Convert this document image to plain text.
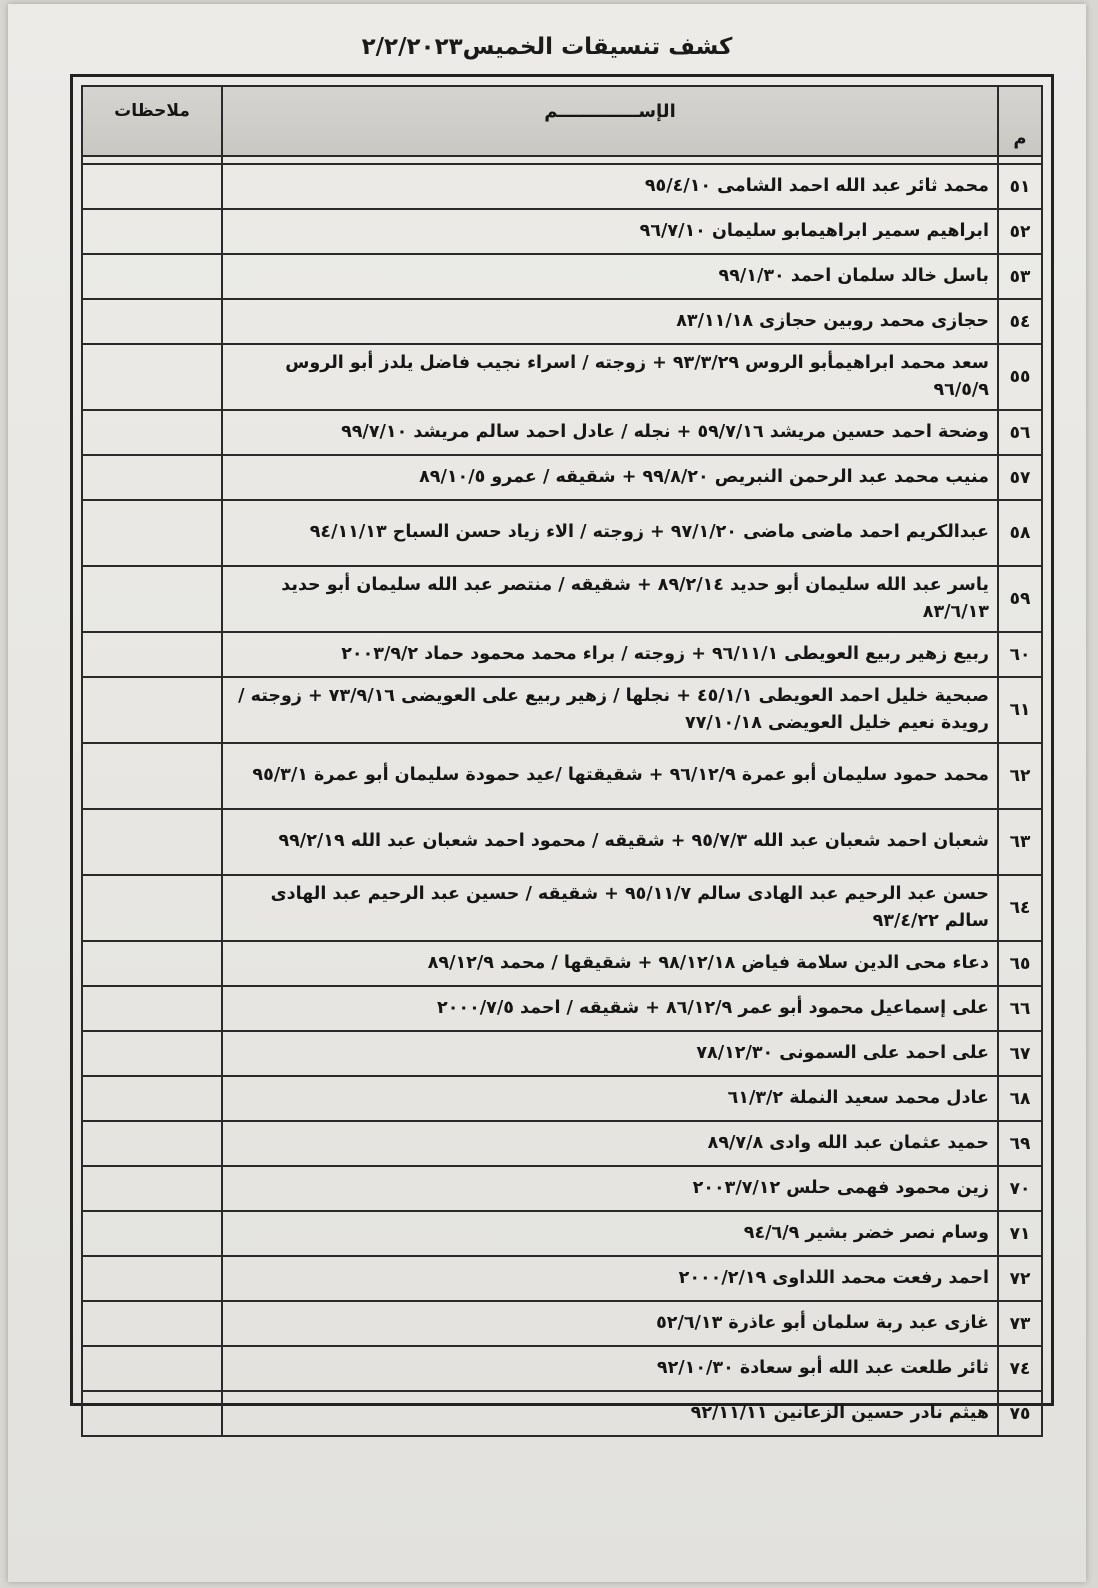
كشف تنسيقات الخميس٢/٢/٢٠٢٣
م	الإســـــــــــــم	ملاحظات

٥١	محمد ثائر عبد الله احمد الشامى ٩٥/٤/١٠	
٥٢	ابراهيم سمير ابراهيمابو سليمان ٩٦/٧/١٠	
٥٣	باسل خالد سلمان احمد ٩٩/١/٣٠	
٥٤	حجازى محمد روبين حجازى ٨٣/١١/١٨	
٥٥	سعد محمد ابراهيمأبو الروس ٩٣/٣/٢٩ + زوجته / اسراء نجيب فاضل يلدز أبو الروس ٩٦/٥/٩	
٥٦	وضحة احمد حسين مريشد ٥٩/٧/١٦ + نجله / عادل احمد سالم مريشد ٩٩/٧/١٠	
٥٧	منيب محمد عبد الرحمن النبريص ٩٩/٨/٢٠ + شقيقه / عمرو ٨٩/١٠/٥	
٥٨	عبدالكريم احمد ماضى ماضى ٩٧/١/٢٠ + زوجته / الاء زياد حسن السباح ٩٤/١١/١٣	
٥٩	ياسر عبد الله سليمان أبو حديد ٨٩/٢/١٤ + شقيقه / منتصر عبد الله سليمان أبو حديد ٨٣/٦/١٣	
٦٠	ربيع زهير ربيع العويطى ٩٦/١١/١ + زوجته / براء محمد محمود حماد ٢٠٠٣/٩/٢	
٦١	صبحية خليل احمد العويطى ٤٥/١/١ + نجلها / زهير ربيع على العويضى ٧٣/٩/١٦ + زوجته / رويدة نعيم خليل العويضى ٧٧/١٠/١٨	
٦٢	محمد حمود سليمان أبو عمرة ٩٦/١٢/٩ + شقيقتها /عيد حمودة سليمان أبو عمرة ٩٥/٣/١	
٦٣	شعبان احمد شعبان عبد الله ٩٥/٧/٣ + شقيقه / محمود احمد شعبان عبد الله ٩٩/٢/١٩	
٦٤	حسن عبد الرحيم عبد الهادى سالم ٩٥/١١/٧ + شقيقه / حسين عبد الرحيم عبد الهادى سالم ٩٣/٤/٢٢	
٦٥	دعاء محى الدين سلامة فياض ٩٨/١٢/١٨ + شقيقها / محمد ٨٩/١٢/٩	
٦٦	على إسماعيل محمود أبو عمر ٨٦/١٢/٩ + شقيقه / احمد ٢٠٠٠/٧/٥	
٦٧	على احمد على السمونى ٧٨/١٢/٣٠	
٦٨	عادل محمد سعيد النملة ٦١/٣/٢	
٦٩	حميد عثمان عبد الله وادى ٨٩/٧/٨	
٧٠	زين محمود فهمى حلس ٢٠٠٣/٧/١٢	
٧١	وسام نصر خضر بشير ٩٤/٦/٩	
٧٢	احمد رفعت محمد اللداوى ٢٠٠٠/٢/١٩	
٧٣	غازى عبد ربة سلمان أبو عاذرة ٥٢/٦/١٣	
٧٤	ثائر طلعت عبد الله أبو سعادة ٩٢/١٠/٣٠	
٧٥	هيثم نادر حسين الزعانين ٩٢/١١/١١	
